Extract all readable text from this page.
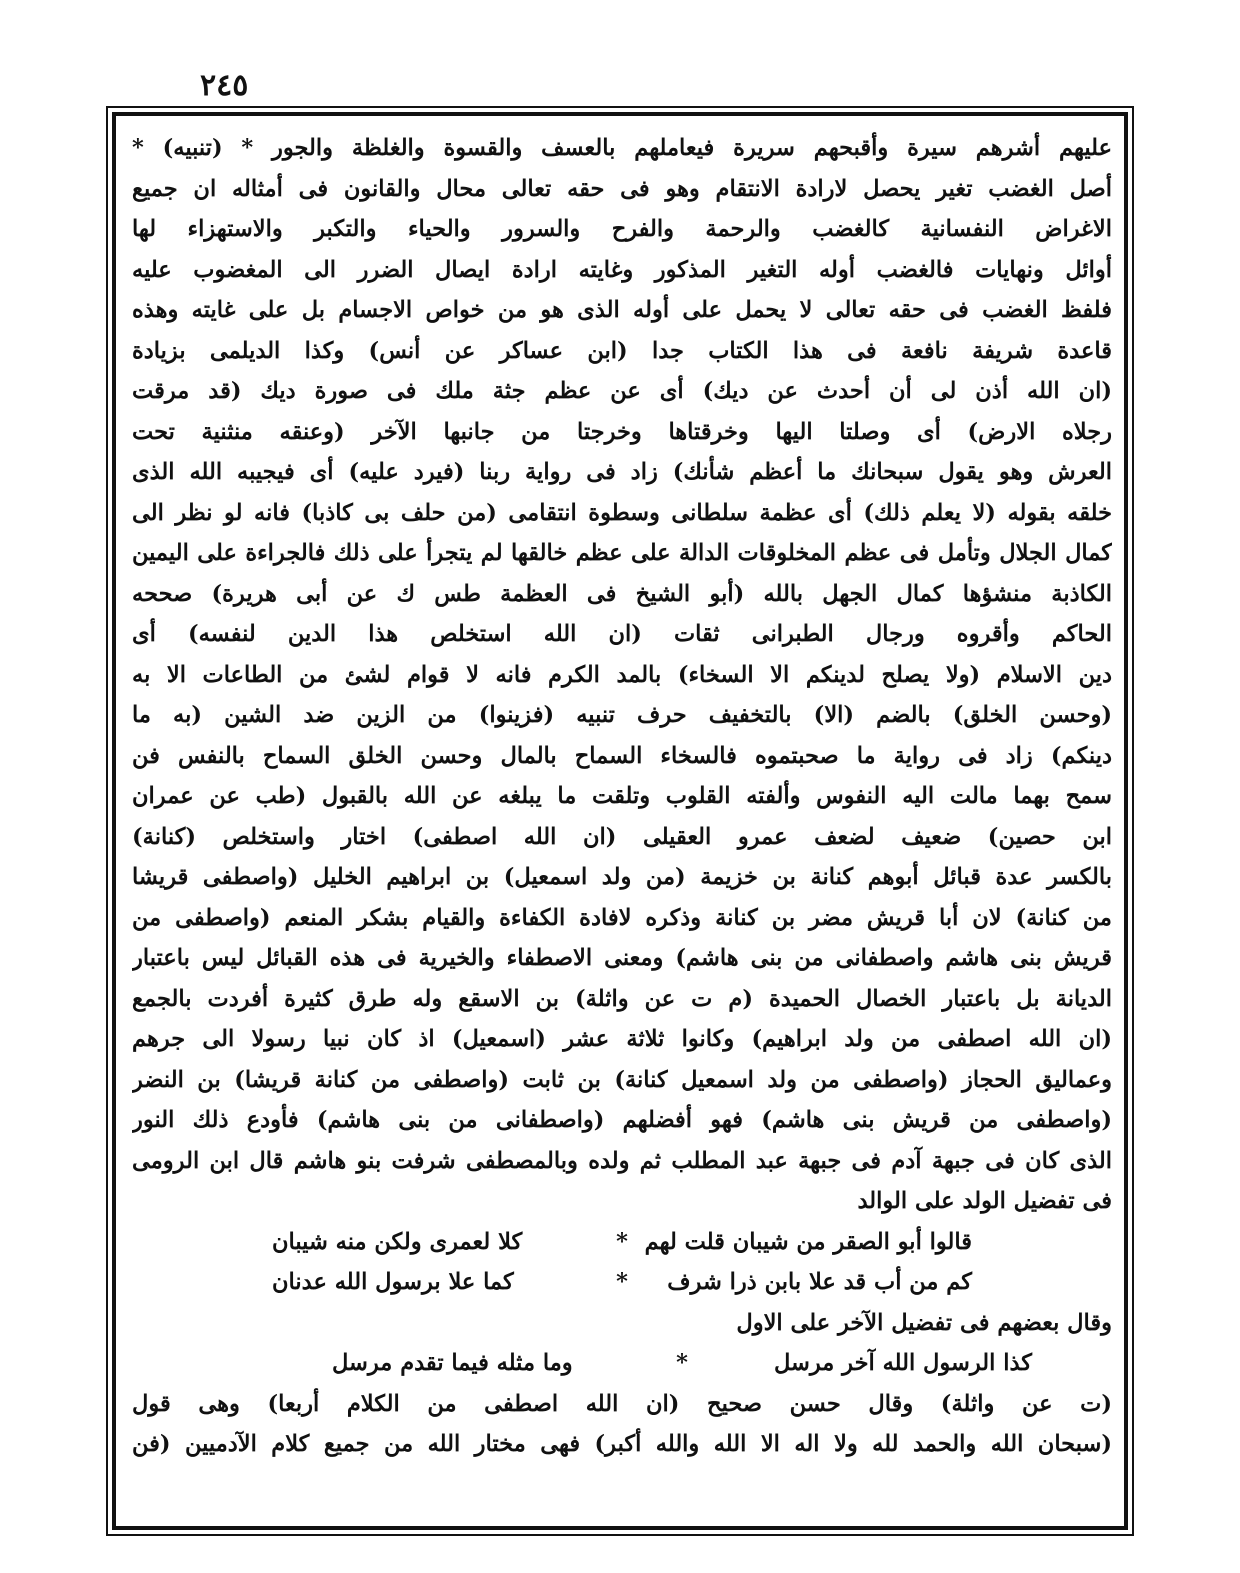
٢٤٥
عليهم أشرهم سيرة وأقبحهم سريرة فيعاملهم بالعسف والقسوة والغلظة والجور * (تنبيه) *
أصل الغضب تغير يحصل لارادة الانتقام وهو فى حقه تعالى محال والقانون فى أمثاله ان جميع
الاغراض النفسانية كالغضب والرحمة والفرح والسرور والحياء والتكبر والاستهزاء لها
أوائل ونهايات فالغضب أوله التغير المذكور وغايته ارادة ايصال الضرر الى المغضوب عليه
فلفظ الغضب فى حقه تعالى لا يحمل على أوله الذى هو من خواص الاجسام بل على غايته وهذه
قاعدة شريفة نافعة فى هذا الكتاب جدا (ابن عساكر عن أنس) وكذا الديلمى بزيادة
(ان الله أذن لى أن أحدث عن ديك) أى عن عظم جثة ملك فى صورة ديك (قد مرقت
رجلاه الارض) أى وصلتا اليها وخرقتاها وخرجتا من جانبها الآخر (وعنقه منثنية تحت
العرش وهو يقول سبحانك ما أعظم شأنك) زاد فى رواية ربنا (فيرد عليه) أى فيجيبه الله الذى
خلقه بقوله (لا يعلم ذلك) أى عظمة سلطانى وسطوة انتقامى (من حلف بى كاذبا) فانه لو نظر الى
كمال الجلال وتأمل فى عظم المخلوقات الدالة على عظم خالقها لم يتجرأ على ذلك فالجراءة على اليمين
الكاذبة منشؤها كمال الجهل بالله (أبو الشيخ فى العظمة طس ك عن أبى هريرة) صححه
الحاكم وأقروه ورجال الطبرانى ثقات (ان الله استخلص هذا الدين لنفسه) أى
دين الاسلام (ولا يصلح لدينكم الا السخاء) بالمد الكرم فانه لا قوام لشئ من الطاعات الا به
(وحسن الخلق) بالضم (الا) بالتخفيف حرف تنبيه (فزينوا) من الزين ضد الشين (به ما
دينكم) زاد فى رواية ما صحبتموه فالسخاء السماح بالمال وحسن الخلق السماح بالنفس فن
سمح بهما مالت اليه النفوس وألفته القلوب وتلقت ما يبلغه عن الله بالقبول (طب عن عمران
ابن حصين) ضعيف لضعف عمرو العقيلى (ان الله اصطفى) اختار واستخلص (كنانة)
بالكسر عدة قبائل أبوهم كنانة بن خزيمة (من ولد اسمعيل) بن ابراهيم الخليل (واصطفى قريشا
من كنانة) لان أبا قريش مضر بن كنانة وذكره لافادة الكفاءة والقيام بشكر المنعم (واصطفى من
قريش بنى هاشم واصطفانى من بنى هاشم) ومعنى الاصطفاء والخيرية فى هذه القبائل ليس باعتبار
الديانة بل باعتبار الخصال الحميدة (م ت عن واثلة) بن الاسقع وله طرق كثيرة أفردت بالجمع
(ان الله اصطفى من ولد ابراهيم) وكانوا ثلاثة عشر (اسمعيل) اذ كان نبيا رسولا الى جرهم
وعماليق الحجاز (واصطفى من ولد اسمعيل كنانة) بن ثابت (واصطفى من كنانة قريشا) بن النضر
(واصطفى من قريش بنى هاشم) فهو أفضلهم (واصطفانى من بنى هاشم) فأودع ذلك النور
الذى كان فى جبهة آدم فى جبهة عبد المطلب ثم ولده وبالمصطفى شرفت بنو هاشم قال ابن الرومى
فى تفضيل الولد على الوالد
قالوا أبو الصقر من شيبان قلت لهم*كلا لعمرى ولكن منه شيبان
كم من أب قد علا بابن ذرا شرف*كما علا برسول الله عدنان
وقال بعضهم فى تفضيل الآخر على الاول
كذا الرسول الله آخر مرسل*وما مثله فيما تقدم مرسل
(ت عن واثلة) وقال حسن صحيح (ان الله اصطفى من الكلام أربعا) وهى قول
(سبحان الله والحمد لله ولا اله الا الله والله أكبر) فهى مختار الله من جميع كلام الآدميين (فن
